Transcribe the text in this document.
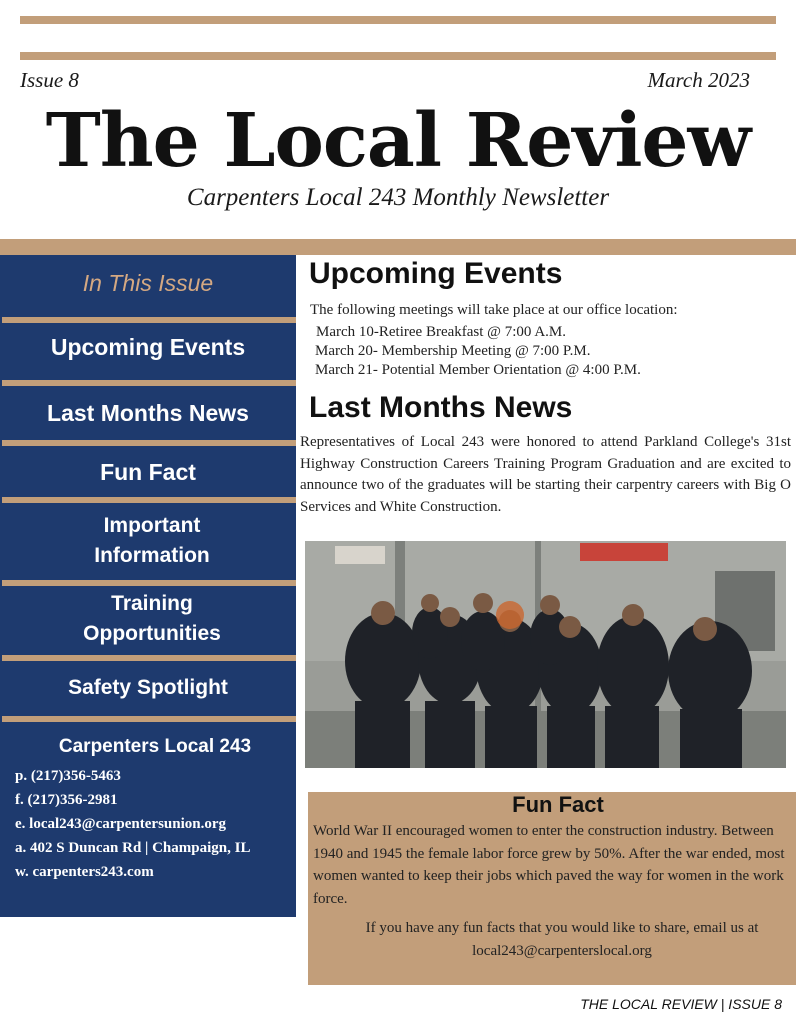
Issue 8	March 2023
The Local Review
Carpenters Local 243 Monthly Newsletter
In This Issue
Upcoming Events
Last Months News
Fun Fact
Important Information
Training Opportunities
Safety Spotlight
Carpenters Local 243
p. (217)356-5463
f. (217)356-2981
e. local243@carpentersunion.org
a. 402 S Duncan Rd | Champaign, IL
w. carpenters243.com
Upcoming Events
The following meetings will take place at our office location:
March 10-Retiree Breakfast @ 7:00 A.M.
March 20- Membership Meeting @ 7:00 P.M.
March 21- Potential Member Orientation @ 4:00 P.M.
Last Months News
Representatives of Local 243 were honored to attend Parkland College's 31st Highway Construction Careers Training Program Graduation and are excited to announce two of the graduates will be starting their carpentry careers with Big O Services and White Construction.
Fun Fact
World War II encouraged women to enter the construction industry. Between 1940 and 1945 the female labor force grew by 50%. After the war ended, most women wanted to keep their jobs which paved the way for women in the work force.
If you have any fun facts that you would like to share, email us at local243@carpenterslocal.org
THE LOCAL REVIEW | ISSUE 8
